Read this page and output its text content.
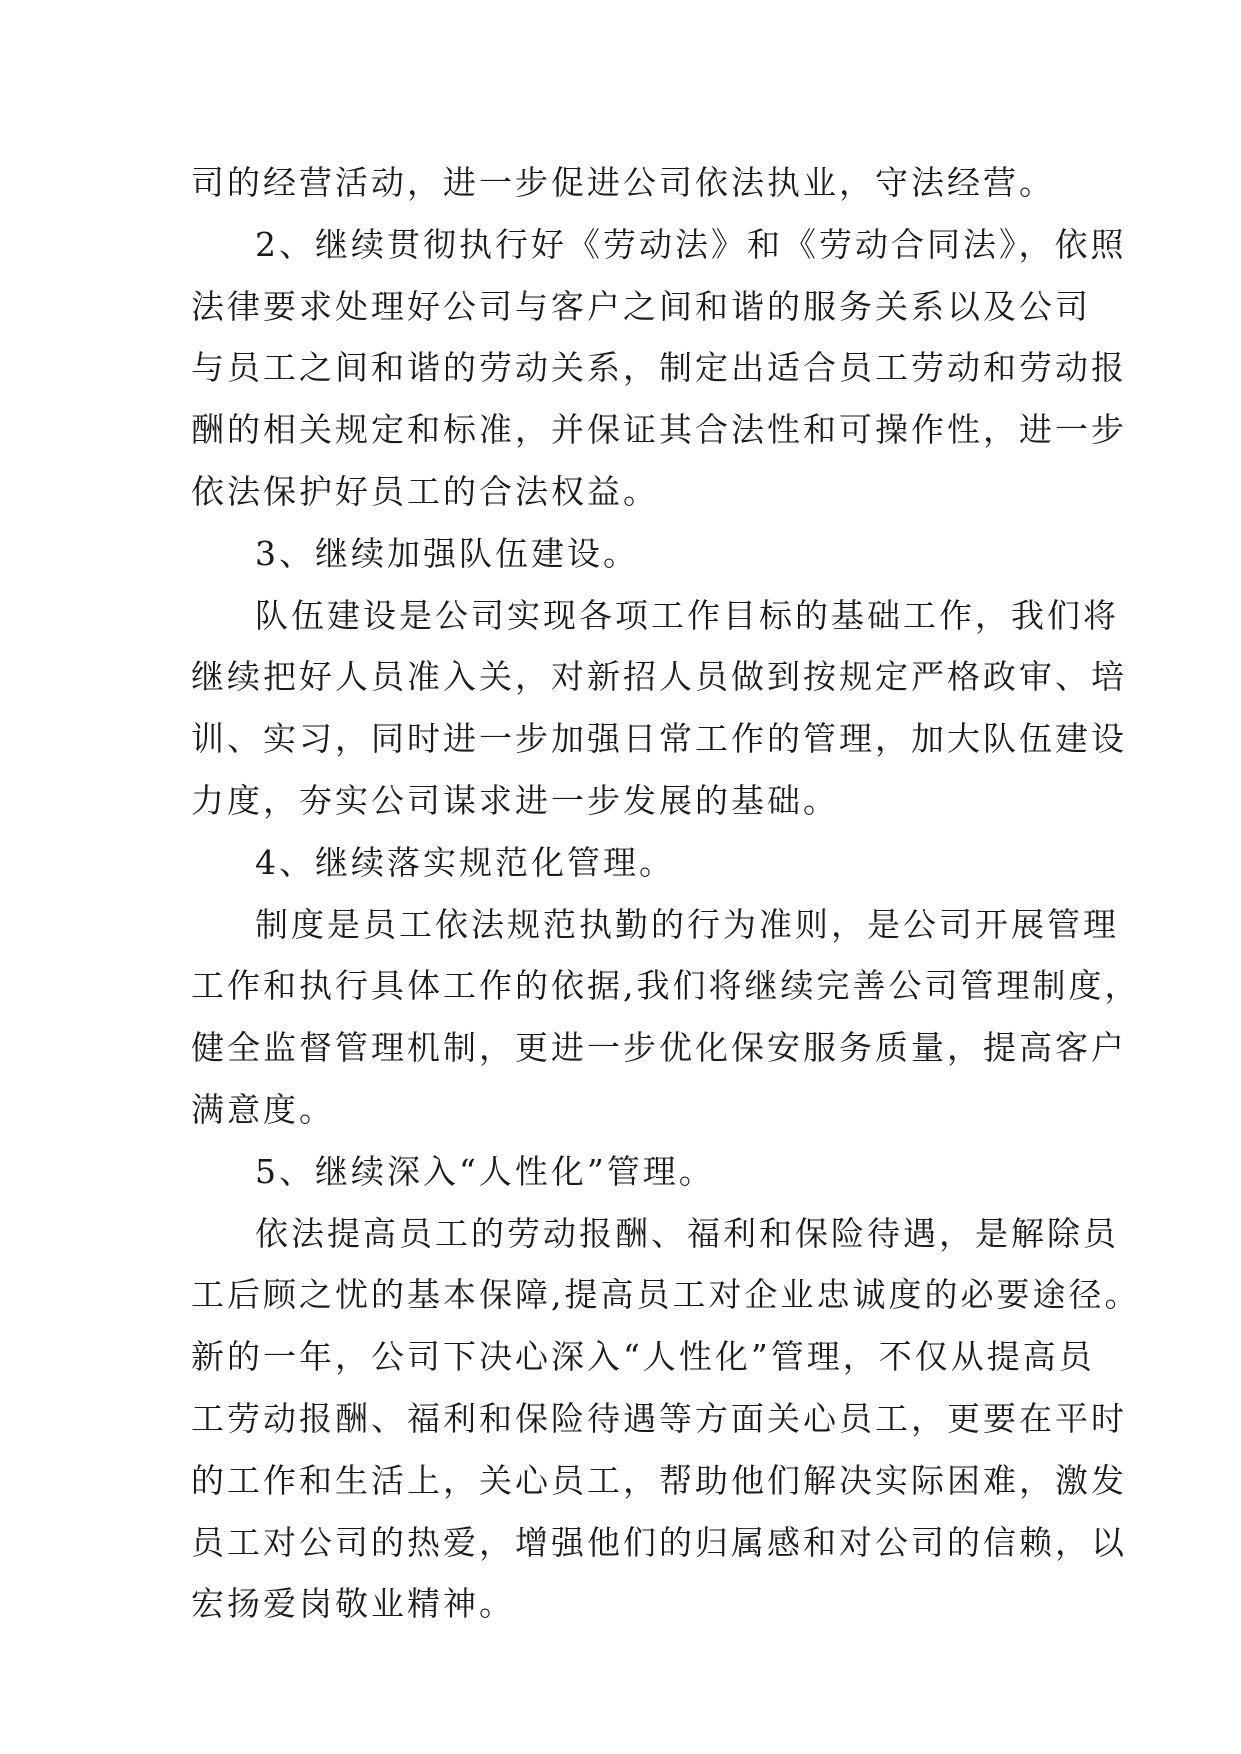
司的经营活动，进一步促进公司依法执业，守法经营。
2、继续贯彻执行好《劳动法》和《劳动合同法》，依照
法律要求处理好公司与客户之间和谐的服务关系以及公司
与员工之间和谐的劳动关系，制定出适合员工劳动和劳动报
酬的相关规定和标准，并保证其合法性和可操作性，进一步
依法保护好员工的合法权益。
3、继续加强队伍建设。
队伍建设是公司实现各项工作目标的基础工作，我们将
继续把好人员准入关，对新招人员做到按规定严格政审、培
训、实习，同时进一步加强日常工作的管理，加大队伍建设
力度，夯实公司谋求进一步发展的基础。
4、继续落实规范化管理。
制度是员工依法规范执勤的行为准则，是公司开展管理
工作和执行具体工作的依据,我们将继续完善公司管理制度，
健全监督管理机制，更进一步优化保安服务质量，提高客户
满意度。
5、继续深入“人性化”管理。
依法提高员工的劳动报酬、福利和保险待遇，是解除员
工后顾之忧的基本保障,提高员工对企业忠诚度的必要途径。
新的一年，公司下决心深入“人性化”管理，不仅从提高员
工劳动报酬、福利和保险待遇等方面关心员工，更要在平时
的工作和生活上，关心员工，帮助他们解决实际困难，激发
员工对公司的热爱，增强他们的归属感和对公司的信赖，以
宏扬爱岗敬业精神。
